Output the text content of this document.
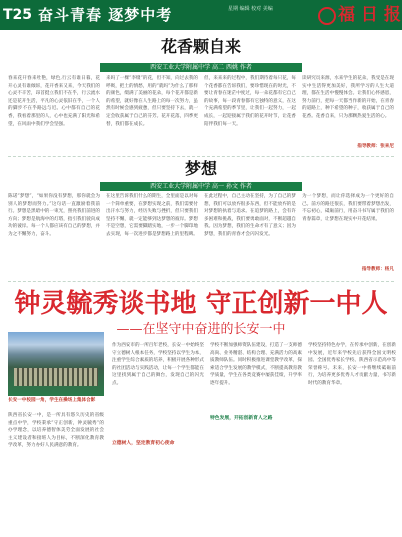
T25 奋斗青春 逐梦中考	星期 编辑 校对 美编	福 日 报
花香颗自来
西安工业大学附属中学 高二 西姚 作者
春来花开春来吐艳，绿色,行云有谁日暮，花开心灵有谁倾诉，花开香来又来，今天我们的心灵不辛苦，昂首挺立我们不在乎，行云流水还是花开生活，平凡的心灵依旧在乎，一个人的脚步不在乎路远与近。心中都有自己的花香，我看着那里的人，心中也充满了阳光和希望，在风雨中我们学会坚强。
来吗了一棵“李缀”的花，但不知，向过去我的呼吸，把土的情愁，用的“就吗”为什么了那样的颜色，缀满了美丽的花朵，每个花开都是新的希望，就好像在人生路上的每一次努力，虽然有时候会感到疲惫，但只要坚持下去，就一定会收获属于自己的芬芳。花开花落，四季更替，我们都在成长。
但，来来来的过程中，我们期待着每只花，每个花香都在告诉我们，要珍惜现在的时光，不要让青春在迷茫中度过，每一朵花都有它自己的故事，每一段青春都有它独特的意义，在这个充满希望的季节里，让我们一起努力，一起成长，一起迎接属于我们的花开时节，让花香陪伴我们每一天。
读研究员来源，水来学生的花朵，我受是在现实中生活得更加美好，我所学习的人生大道理，都在生活中慢慢体会。让我们心怀感恩，努力前行，把每一天都当作新的开始，在青春的道路上，种下希望的种子，收获属于自己的花香。花香自来，只为那颗热爱生活的心。
指导教师：张来尼
梦想
西安工业大学附属中学 高一 孙文 作者
陈诺“梦想”，“如果你没有梦想，那你就会为别人的梦想而努力。”这句话一直激励着我前行。梦想是黑暗中的一束光，照亮我们前进的方向；梦想是航海中的灯塔，指引我们驶向成功的彼岸。每一个人都应该有自己的梦想，并为之不懈努力，奋斗。
在这里告诉我们什么的期生，全里面是以对每一个简单重要，在梦想实现之前，我们需要付出汗水与努力，经历失败与挫折，但只要我们坚持不懈，就一定能够到达梦想的彼岸。梦想不是空想，它需要脚踏实地，一步一个脚印地去实现，每一次进步都是梦想路上的里程碑。
在此过程中，自己主动在坚持，为了自己的梦想，我们可以放弃很多东西，但不能放弃的是对梦想的执着与追求。在追梦的路上，会有许多困难和挑战，我们要勇敢面对，不断超越自我。因为梦想，我们的生命才有了意义；因为梦想，我们的青春才会闪闪发光。
为一个梦想，而让你选择成为一个更好的自己。前方的路还很长，我们要带着梦想出发，不忘初心，砥砺前行，用奋斗书写属于我们的青春篇章，让梦想在现实中开花结果。
指导教师：杨凡
钟灵毓秀谈书地 守正创新一中人
——在坚守中奋进的长安一中
长安一中校园一角，学生在操场上集体合影
陕西省长安一中，是一所具有悠久历史的省级重点中学，学校秉承“守正创新，钟灵毓秀”的办学理念，以培养德智体美劳全面发展的社会主义建设者和接班人为目标，不断深化教育教学改革，努力办好人民满意的教育。
作为西安市的一所百年老校，长安一中始终坚守立德树人根本任务，学校坚持以学生为本，注重学生综合素质的培养，积极开展各种形式的社团活动与实践活动，让每一个学生都能在这里找到属于自己的舞台，发现自己的闪光点。
立德树人，坚定教育初心使命
学校不断加强师资队伍建设，打造了一支师德高尚、业务精湛、结构合理、充满活力的高素质教师队伍。同时积极推进课堂教学改革，探索适合学生发展的教学模式，不断提高教育教学质量，学生在各类竞赛中屡获佳绩，升学率逐年提升。
特色发展，开拓创新育人之路
学校坚持特色办学，在传承中创新，在创新中发展，近年来学校先后获得全国文明校园、全国优秀家长学校、陕西省示范高中等荣誉称号。未来，长安一中将继续砥砺前行，为培养更多优秀人才贡献力量，书写新时代的教育华章。
